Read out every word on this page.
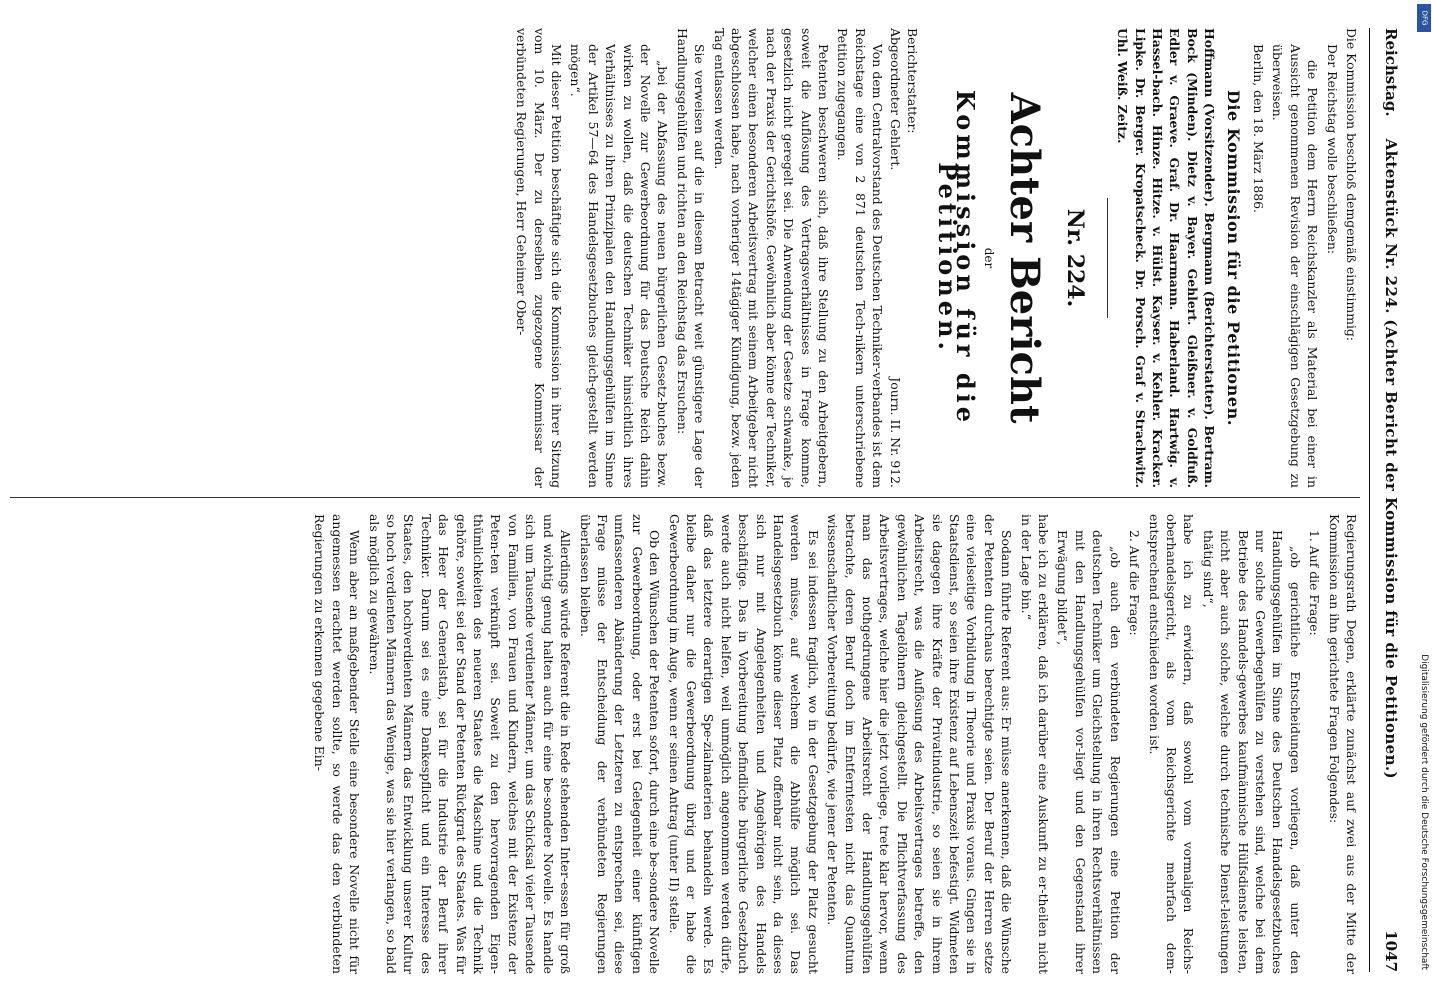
Reichstag.
Aktenstück Nr. 224. (Achter Bericht der Kommission für die Petitionen.)
1047

Die Kommission beschloß demgemäß einstimmig:

Der Reichstag wolle beschließen:

die Petition dem Herrn Reichskanzler als Material bei einer in Aussicht genommenen Revision der einschlägigen Gesetzgebung zu überweisen.

Berlin, den 18. März 1886.

Die Kommission für die Petitionen.

Hoffmann (Vorsitzender). Bergmann (Berichterstatter). Bertram. Bock (Minden). Dietz v. Bayer. Gehlert. Gleißner. v. Goldfuß. Edler v. Graeve. Graf. Dr. Haarmann. Haberland. Hartwig. v. Hassel-bach. Hinze. Hitze. v. Hülst. Kayser. v. Kehler. Kracker. Lipke. Dr. Berger. Kropatscheck. Dr. Porsch. Graf v. Strachwitz. Uhl. Weiß. Zeitz.

Nr. 224.
Achter Bericht
der
Kommission für die Petitionen.
Berichterstatter:
Abgeordneter Gehlert.
Journ. II. Nr. 912.

Von dem Centralvorstand des Deutschen Techniker-verbandes ist dem Reichstage eine von 2 871 deutschen Tech-nikern unterschriebene Petition zugegangen.

Petenten beschweren sich, daß ihre Stellung zu den Arbeitgebern, soweit die Auflösung des Vertragsverhältnisses in Frage komme, gesetzlich nicht geregelt sei. Die Anwendung der Gesetze schwanke, je nach der Praxis der Gerichtshöfe. Gewöhnlich aber könne der Techniker, welcher einen besonderen Arbeitsvertrag mit seinem Arbeitgeber nicht abgeschlossen habe, nach vorheriger 14tägiger Kündigung, bezw. jeden Tag entlassen werden.

Sie verweisen auf die in diesem Betracht weit günstigere Lage der Handlungsgehülfen und richten an den Reichstag das Ersuchen:

„bei der Abfassung des neuen bürgerlichen Gesetz-buches bezw. der Novelle zur Gewerbeordnung für das Deutsche Reich dahin wirken zu wollen, daß die deutschen Techniker hinsichtlich ihres Verhältnisses zu ihren Prinzipalen den Handlungsgehülfen im Sinne der Artikel 57—64 des Handelsgesetzbuches gleich-gestellt werden mögen“.

Mit dieser Petition beschäftigte sich die Kommission in ihrer Sitzung vom 10. März. Der zu derselben zugezogene Kommissar der verbündeten Regierungen, Herr Geheimer Ober-

Regierungsrath Degen, erklärte zunächst auf zwei aus der Mitte der Kommission an ihn gerichtete Fragen Folgendes:

1. Auf die Frage:

„ob gerichtliche Entscheidungen vorliegen, daß unter den Handlungsgehülfen im Sinne des Deutschen Handelsgesetzbuches nur solche Gewerbegehülfen zu verstehen sind, welche bei dem Betriebe des Handels-gewerbes kaufmännische Hülfsdienste leisten, nicht aber auch solche, welche durch technische Dienst-leistungen thätig sind“,

habe ich zu erwidern, daß sowohl vom vormaligen Reichs-oberhandelsgericht, als vom Reichsgerichte mehrfach dem-entsprechend entschieden worden ist.

2. Auf die Frage:

„ob auch den verbündeten Regierungen eine Petition der deutschen Techniker um Gleichstellung in ihren Rechtsverhältnissen mit den Handlungsgehülfen vor-liegt und den Gegenstand ihrer Erwägung bildet“,

habe ich zu erklären, daß ich darüber eine Auskunft zu er-theilen nicht in der Lage bin.“

Sodann führte Referent aus: Er müsse anerkennen, daß die Wünsche der Petenten durchaus berechtigte seien. Der Beruf der Herren setze eine vielseitige Vorbildung in Theorie und Praxis voraus. Gingen sie in Staatsdienst, so seien ihre Existenz auf Lebenszeit befestigt. Widmeten sie dagegen ihre Kräfte der Privatindustrie, so seien sie in ihrem Arbeitsrecht, was die Auflösung des Arbeitsvertrages betreffe, den gewöhnlichen Tagelöhnern gleichgestellt. Die Pflichtverfassung des Arbeitsvertrages, welche hier die jetzt vorliege, trete klar hervor, wenn man das nothgedrungene Arbeitsrecht der Handlungsgehülfen betrachte, deren Beruf doch im Entferntesten nicht das Quantum wissenschaftlicher Vorbereitung bedürfe, wie jener der Petenten.

Es sei indessen fraglich, wo in der Gesetzgebung der Platz gesucht werden müsse, auf welchem die Abhülfe möglich sei. Das Handelsgesetzbuch könne dieser Platz offenbar nicht sein, da dieses sich nur mit Angelegenheiten und Angehörigen des Handels beschäftige. Das in Vorbereitung befindliche bürgerliche Gesetzbuch werde auch nicht helfen, weil unmöglich angenommen werden dürfe, daß das letztere derartigen Spe-zialmaterien behandeln werde. Es bleibe daher nur die Gewerbeordnung übrig und er habe die Gewerbeordnung im Auge, wenn er seinen Antrag (unter II) stelle.

Ob den Wünschen der Petenten sofort, durch eine be-sondere Novelle zur Gewerbeordnung, oder erst bei Gelegenheit einer künftigen umfassenderen Abänderung der Letzteren zu entsprechen sei, diese Frage müsse der Entscheidung der verbündeten Regierungen überlassen bleiben.

Allerdings würde Referent die in Rede stehenden Inter-essen für groß und wichtig genug halten auch für eine be-sondere Novelle. Es handle sich um Tausende verdienter Männer, um das Schicksal vieler Tausende von Familien, von Frauen und Kindern, welches mit der Existenz der Peten-ten verknüpft sei. Soweit zu den hervorragenden Eigen-thümlichkeiten des neueren Staates die Maschine und die Technik gehöre, soweit sei der Stand der Petenten Rückgrat des Staates. Was für das Heer der Generalstab, sei für die Industrie der Beruf ihrer Techniker. Darum sei es eine Dankespflicht und ein Interesse des Staates, den hochverdienten Männern das Entwicklung unserer Kultur so hoch verdienten Männern das Wenige, was sie hier verlangen, so bald als möglich zu gewähren.

Wenn aber an maßgebender Stelle eine besondere Novelle nicht für angemessen erachtet werden sollte, so werde das den verbündeten Regierungen zu erkennen gegebene Ein-

Digitalisierung gefördert durch die Deutsche Forschungsgemeinschaft
DFG
